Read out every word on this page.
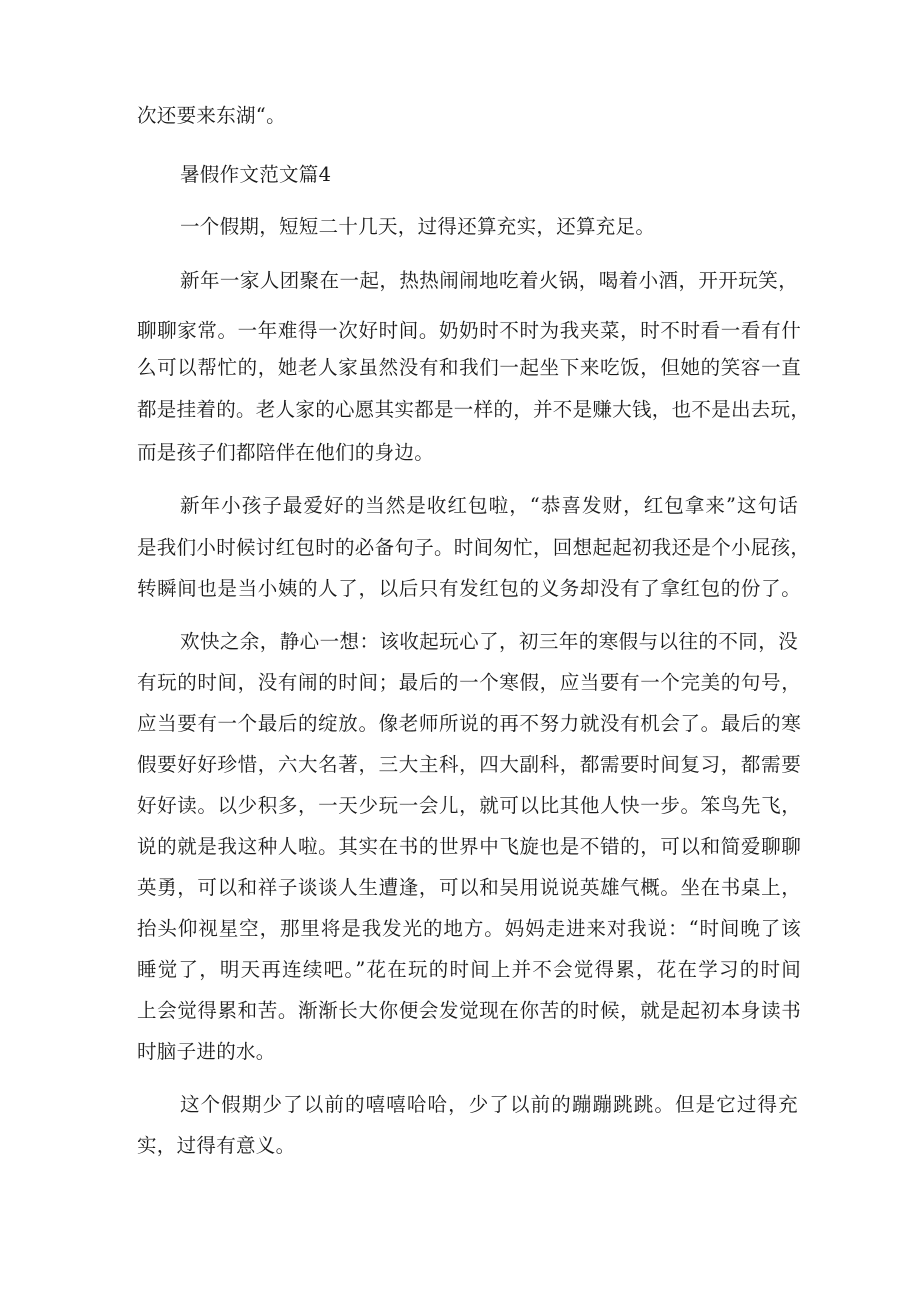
次还要来东湖“。
暑假作文范文篇4
一个假期，短短二十几天，过得还算充实，还算充足。
新年一家人团聚在一起，热热闹闹地吃着火锅，喝着小酒，开开玩笑，
聊聊家常。一年难得一次好时间。奶奶时不时为我夹菜，时不时看一看有什
么可以帮忙的，她老人家虽然没有和我们一起坐下来吃饭，但她的笑容一直
都是挂着的。老人家的心愿其实都是一样的，并不是赚大钱，也不是出去玩，
而是孩子们都陪伴在他们的身边。
新年小孩子最爱好的当然是收红包啦，“恭喜发财，红包拿来”这句话
是我们小时候讨红包时的必备句子。时间匆忙，回想起起初我还是个小屁孩，
转瞬间也是当小姨的人了，以后只有发红包的义务却没有了拿红包的份了。
欢快之余，静心一想：该收起玩心了，初三年的寒假与以往的不同，没
有玩的时间，没有闹的时间；最后的一个寒假，应当要有一个完美的句号，
应当要有一个最后的绽放。像老师所说的再不努力就没有机会了。最后的寒
假要好好珍惜，六大名著，三大主科，四大副科，都需要时间复习，都需要
好好读。以少积多，一天少玩一会儿，就可以比其他人快一步。笨鸟先飞，
说的就是我这种人啦。其实在书的世界中飞旋也是不错的，可以和简爱聊聊
英勇，可以和祥子谈谈人生遭逢，可以和吴用说说英雄气概。坐在书桌上，
抬头仰视星空，那里将是我发光的地方。妈妈走进来对我说：“时间晚了该
睡觉了，明天再连续吧。”花在玩的时间上并不会觉得累，花在学习的时间
上会觉得累和苦。渐渐长大你便会发觉现在你苦的时候，就是起初本身读书
时脑子进的水。
这个假期少了以前的嘻嘻哈哈，少了以前的蹦蹦跳跳。但是它过得充
实，过得有意义。
